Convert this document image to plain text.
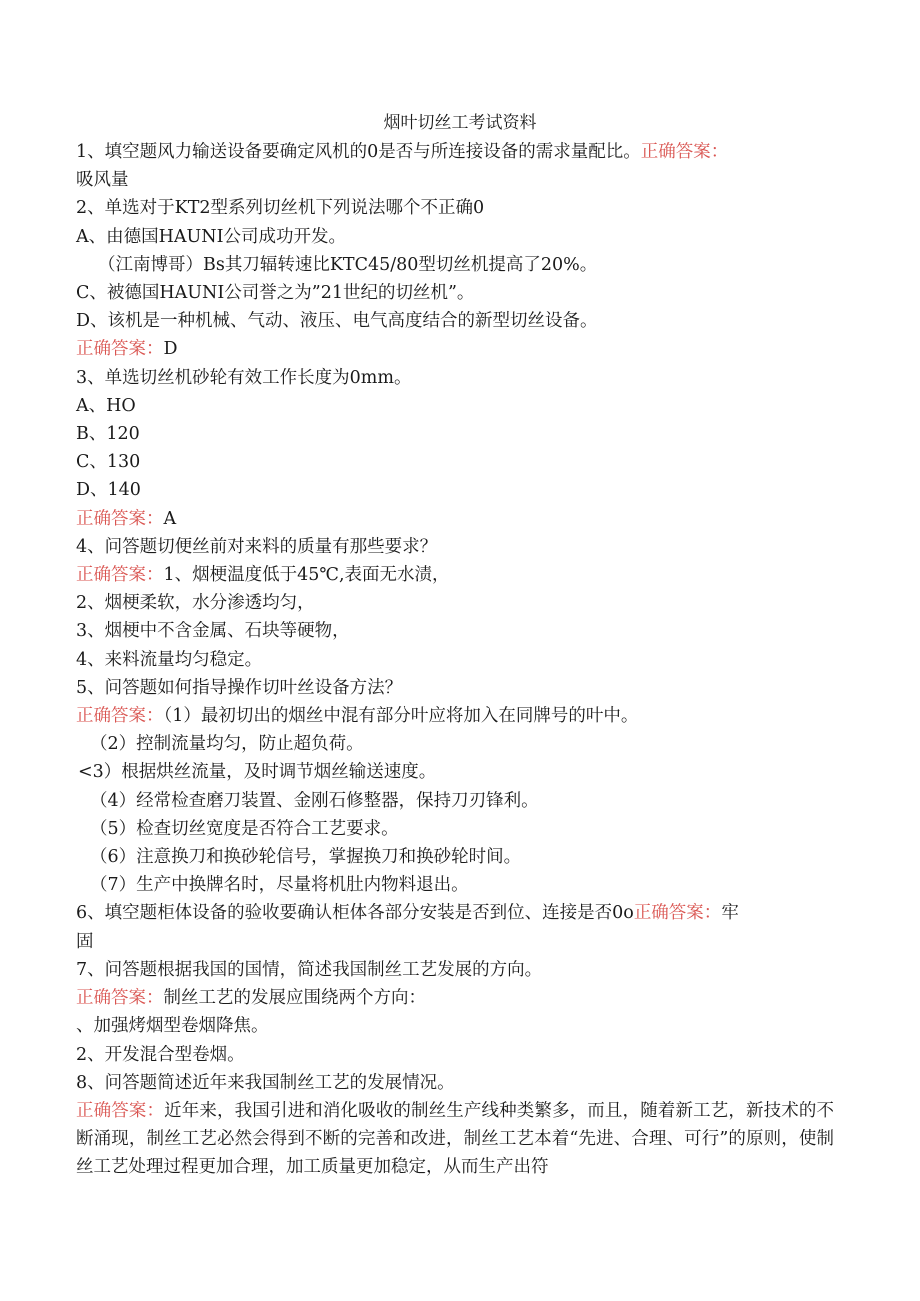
烟叶切丝工考试资料
1、填空题风力输送设备要确定风机的0是否与所连接设备的需求量配比。正确答案：
吸风量
2、单选对于KT2型系列切丝机下列说法哪个不正确0
A、由德国HAUNI公司成功开发。
（江南博哥）Bs其刀辐转速比KTC45/80型切丝机提高了20%。
C、被德国HAUNI公司誉之为”21世纪的切丝机”。
D、该机是一种机械、气动、液压、电气高度结合的新型切丝设备。
正确答案：D
3、单选切丝机砂轮有效工作长度为0mm。
A、HO
B、120
C、130
D、140
正确答案：A
4、问答题切便丝前对来料的质量有那些要求？
正确答案：1、烟梗温度低于45℃,表面无水渍，
2、烟梗柔软，水分渗透均匀，
3、烟梗中不含金属、石块等硬物，
4、来料流量均匀稳定。
5、问答题如何指导操作切叶丝设备方法？
正确答案：（1）最初切出的烟丝中混有部分叶应将加入在同牌号的叶中。
（2）控制流量均匀，防止超负荷。
<3）根据烘丝流量，及时调节烟丝输送速度。
（4）经常检查磨刀装置、金刚石修整器，保持刀刃锋利。
（5）检查切丝宽度是否符合工艺要求。
（6）注意换刀和换砂轮信号，掌握换刀和换砂轮时间。
（7）生产中换牌名时，尽量将机肚内物料退出。
6、填空题柜体设备的验收要确认柜体各部分安装是否到位、连接是否0o正确答案：牢
固
7、问答题根据我国的国情，简述我国制丝工艺发展的方向。
正确答案：制丝工艺的发展应围绕两个方向：
、加强烤烟型卷烟降焦。
2、开发混合型卷烟。
8、问答题简述近年来我国制丝工艺的发展情况。
正确答案：近年来，我国引进和消化吸收的制丝生产线种类繁多，而且，随着新工艺，新技术的不断涌现，制丝工艺必然会得到不断的完善和改进，制丝工艺本着“先进、合理、可行”的原则，使制丝工艺处理过程更加合理，加工质量更加稳定，从而生产出符
